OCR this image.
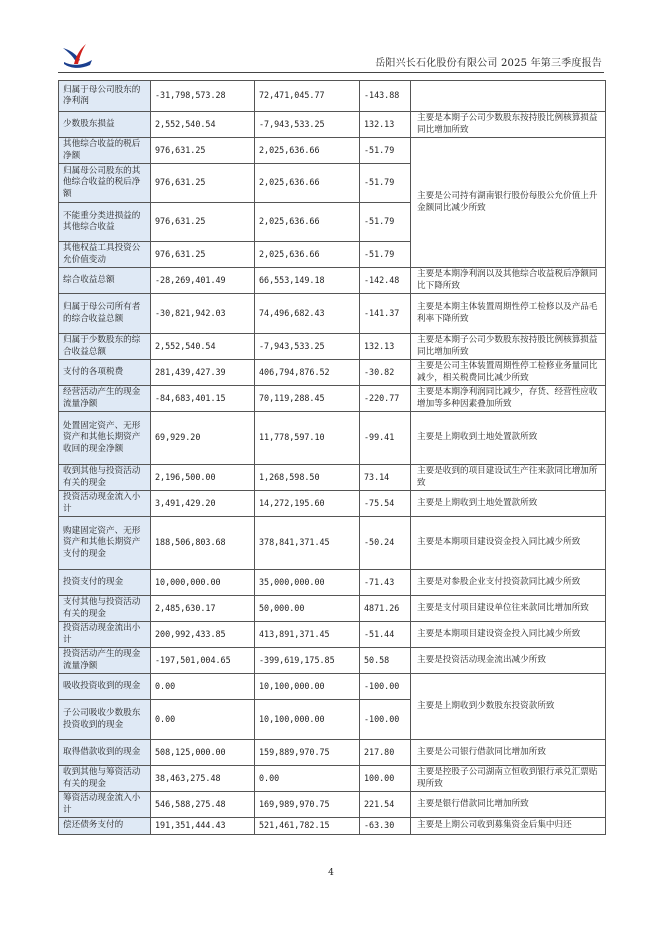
岳阳兴长石化股份有限公司 2025 年第三季度报告
归属于母公司股东的净利润	-31,798,573.28	72,471,045.77	-143.88	
少数股东损益	2,552,540.54	-7,943,533.25	132.13	主要是本期子公司少数股东按持股比例核算损益同比增加所致
其他综合收益的税后净额	976,631.25	2,025,636.66	-51.79	主要是公司持有湖南银行股份每股公允价值上升金额同比减少所致
归属母公司股东的其他综合收益的税后净额	976,631.25	2,025,636.66	-51.79	
不能重分类进损益的其他综合收益	976,631.25	2,025,636.66	-51.79	
其他权益工具投资公允价值变动	976,631.25	2,025,636.66	-51.79	
综合收益总额	-28,269,401.49	66,553,149.18	-142.48	主要是本期净利润以及其他综合收益税后净额同比下降所致
归属于母公司所有者的综合收益总额	-30,821,942.03	74,496,682.43	-141.37	主要是本期主体装置周期性停工检修以及产品毛利率下降所致
归属于少数股东的综合收益总额	2,552,540.54	-7,943,533.25	132.13	主要是本期子公司少数股东按持股比例核算损益同比增加所致
支付的各项税费	281,439,427.39	406,794,876.52	-30.82	主要是公司主体装置周期性停工检修业务量同比减少，相关税费同比减少所致
经营活动产生的现金流量净额	-84,683,401.15	70,119,288.45	-220.77	主要是本期净利润同比减少，存货、经营性应收增加等多种因素叠加所致
处置固定资产、无形资产和其他长期资产收回的现金净额	69,929.20	11,778,597.10	-99.41	主要是上期收到土地处置款所致
收到其他与投资活动有关的现金	2,196,500.00	1,268,598.50	73.14	主要是收到的项目建设试生产往来款同比增加所致
投资活动现金流入小计	3,491,429.20	14,272,195.60	-75.54	主要是上期收到土地处置款所致
购建固定资产、无形资产和其他长期资产支付的现金	188,506,803.68	378,841,371.45	-50.24	主要是本期项目建设资金投入同比减少所致
投资支付的现金	10,000,000.00	35,000,000.00	-71.43	主要是对参股企业支付投资款同比减少所致
支付其他与投资活动有关的现金	2,485,630.17	50,000.00	4871.26	主要是支付项目建设单位往来款同比增加所致
投资活动现金流出小计	200,992,433.85	413,891,371.45	-51.44	主要是本期项目建设资金投入同比减少所致
投资活动产生的现金流量净额	-197,501,004.65	-399,619,175.85	50.58	主要是投资活动现金流出减少所致
吸收投资收到的现金	0.00	10,100,000.00	-100.00	主要是上期收到少数股东投资款所致
子公司吸收少数股东投资收到的现金	0.00	10,100,000.00	-100.00	
取得借款收到的现金	508,125,000.00	159,889,970.75	217.80	主要是公司银行借款同比增加所致
收到其他与筹资活动有关的现金	38,463,275.48	0.00	100.00	主要是控股子公司湖南立恒收到银行承兑汇票贴现所致
筹资活动现金流入小计	546,588,275.48	169,989,970.75	221.54	主要是银行借款同比增加所致
偿还债务支付的	191,351,444.43	521,461,782.15	-63.30	主要是上期公司收到募集资金后集中归还
4
